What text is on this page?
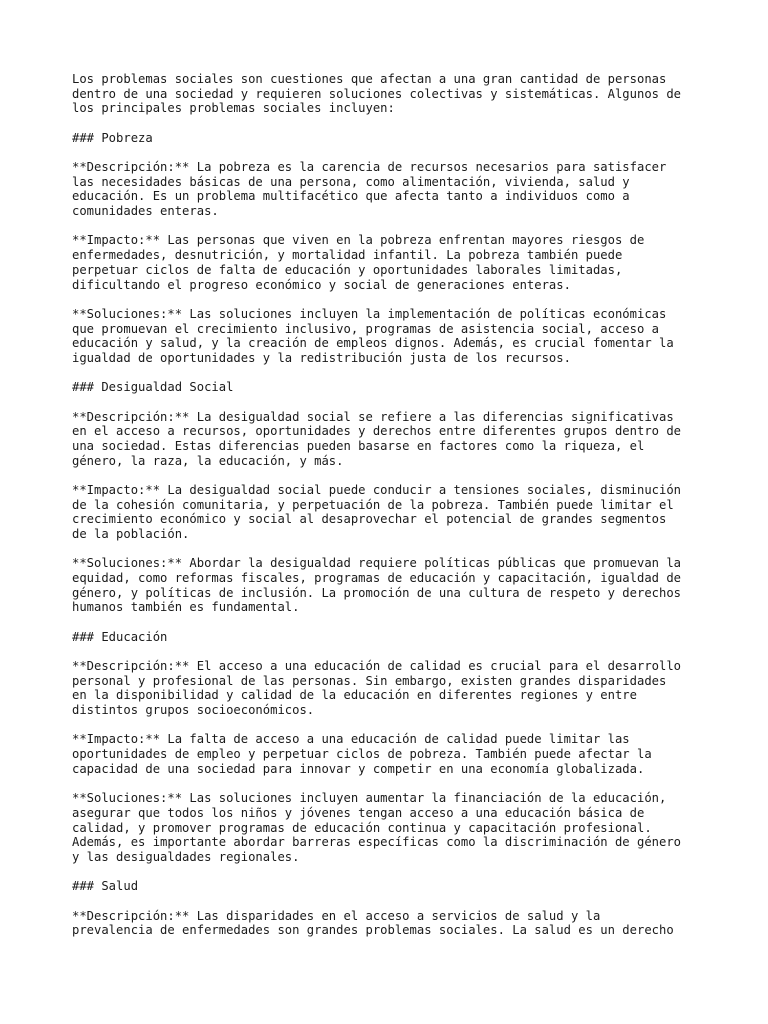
Los problemas sociales son cuestiones que afectan a una gran cantidad de personas
dentro de una sociedad y requieren soluciones colectivas y sistemáticas. Algunos de
los principales problemas sociales incluyen:
### Pobreza
**Descripción:** La pobreza es la carencia de recursos necesarios para satisfacer
las necesidades básicas de una persona, como alimentación, vivienda, salud y
educación. Es un problema multifacético que afecta tanto a individuos como a
comunidades enteras.
**Impacto:** Las personas que viven en la pobreza enfrentan mayores riesgos de
enfermedades, desnutrición, y mortalidad infantil. La pobreza también puede
perpetuar ciclos de falta de educación y oportunidades laborales limitadas,
dificultando el progreso económico y social de generaciones enteras.
**Soluciones:** Las soluciones incluyen la implementación de políticas económicas
que promuevan el crecimiento inclusivo, programas de asistencia social, acceso a
educación y salud, y la creación de empleos dignos. Además, es crucial fomentar la
igualdad de oportunidades y la redistribución justa de los recursos.
### Desigualdad Social
**Descripción:** La desigualdad social se refiere a las diferencias significativas
en el acceso a recursos, oportunidades y derechos entre diferentes grupos dentro de
una sociedad. Estas diferencias pueden basarse en factores como la riqueza, el
género, la raza, la educación, y más.
**Impacto:** La desigualdad social puede conducir a tensiones sociales, disminución
de la cohesión comunitaria, y perpetuación de la pobreza. También puede limitar el
crecimiento económico y social al desaprovechar el potencial de grandes segmentos
de la población.
**Soluciones:** Abordar la desigualdad requiere políticas públicas que promuevan la
equidad, como reformas fiscales, programas de educación y capacitación, igualdad de
género, y políticas de inclusión. La promoción de una cultura de respeto y derechos
humanos también es fundamental.
### Educación
**Descripción:** El acceso a una educación de calidad es crucial para el desarrollo
personal y profesional de las personas. Sin embargo, existen grandes disparidades
en la disponibilidad y calidad de la educación en diferentes regiones y entre
distintos grupos socioeconómicos.
**Impacto:** La falta de acceso a una educación de calidad puede limitar las
oportunidades de empleo y perpetuar ciclos de pobreza. También puede afectar la
capacidad de una sociedad para innovar y competir en una economía globalizada.
**Soluciones:** Las soluciones incluyen aumentar la financiación de la educación,
asegurar que todos los niños y jóvenes tengan acceso a una educación básica de
calidad, y promover programas de educación continua y capacitación profesional.
Además, es importante abordar barreras específicas como la discriminación de género
y las desigualdades regionales.
### Salud
**Descripción:** Las disparidades en el acceso a servicios de salud y la
prevalencia de enfermedades son grandes problemas sociales. La salud es un derecho
